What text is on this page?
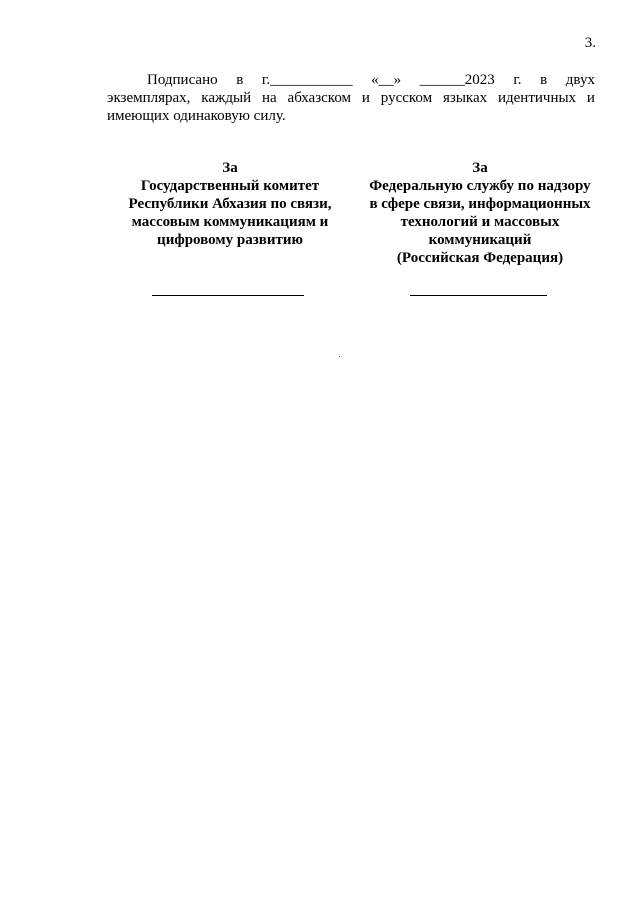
3.
Подписано в г.___________ «__» ______2023 г. в двух
экземплярах, каждый на абхазском и русском языках идентичных и
имеющих одинаковую силу.
За
Государственный комитет
Республики Абхазия по связи,
массовым коммуникациям и
цифровому развитию
За
Федеральную службу по надзору
в сфере связи, информационных
технологий и массовых
коммуникаций
(Российская Федерация)
